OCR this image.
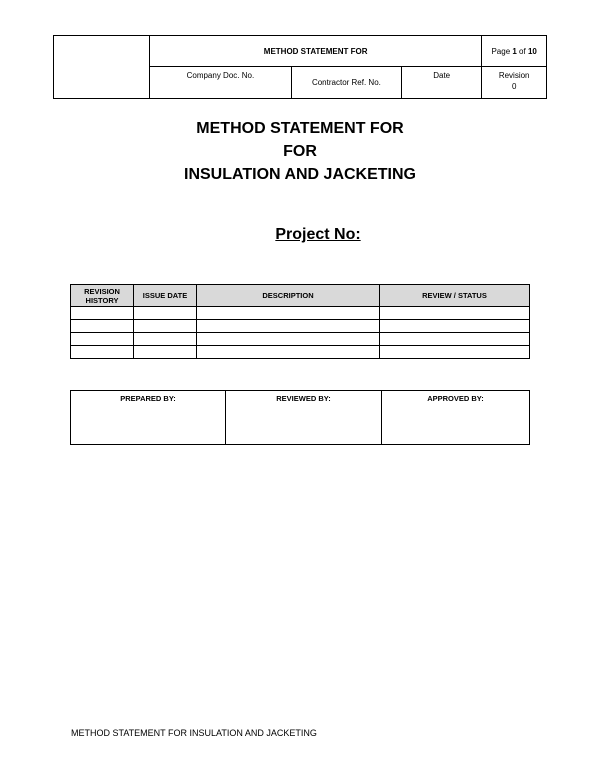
	METHOD STATEMENT FOR			Page 1 of 10
	Company Doc. No.	Contractor Ref. No.	Date	Revision
0
METHOD STATEMENT FOR
FOR
INSULATION AND JACKETING
Project No:
REVISION HISTORY	ISSUE DATE	DESCRIPTION	REVIEW / STATUS

PREPARED BY:	REVIEWED BY:	APPROVED BY:
METHOD STATEMENT FOR INSULATION AND JACKETING
